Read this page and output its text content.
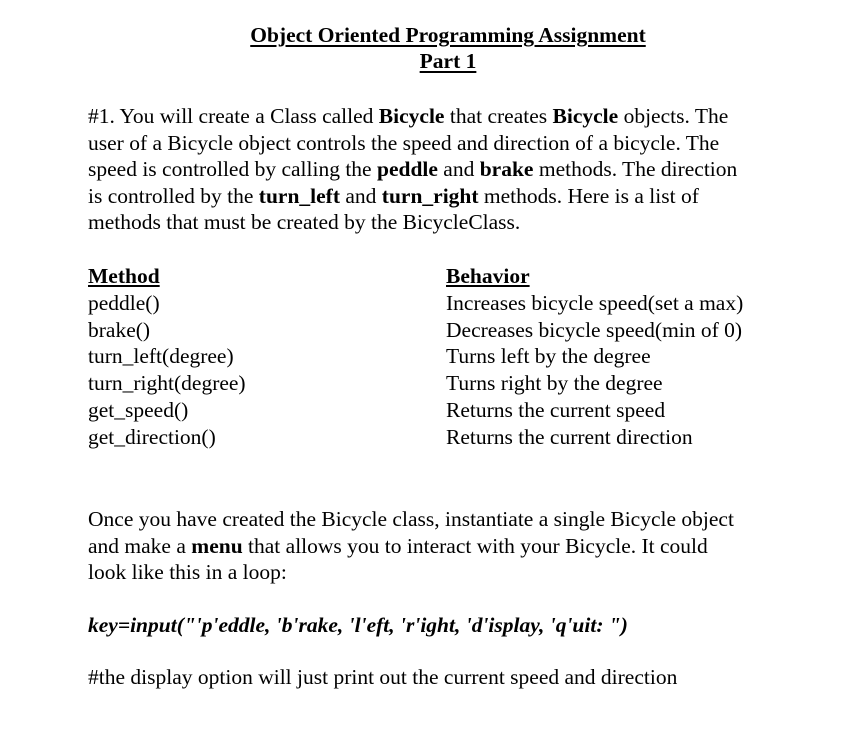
Object Oriented Programming Assignment
Part 1
#1. You will create a Class called Bicycle that creates Bicycle objects. The
user of a Bicycle object controls the speed and direction of a bicycle. The
speed is controlled by calling the peddle and brake methods. The direction
is controlled by the turn_left and turn_right methods. Here is a list of
methods that must be created by the BicycleClass.
Method
peddle()
brake()
turn_left(degree)
turn_right(degree)
get_speed()
get_direction()
Behavior
Increases bicycle speed(set a max)
Decreases bicycle speed(min of 0)
Turns left by the degree
Turns right by the degree
Returns the current speed
Returns the current direction
Once you have created the Bicycle class, instantiate a single Bicycle object
and make a menu that allows you to interact with your Bicycle. It could
look like this in a loop:
key=input("'p'eddle, 'b'rake, 'l'eft, 'r'ight, 'd'isplay, 'q'uit: ")
#the display option will just print out the current speed and direction
